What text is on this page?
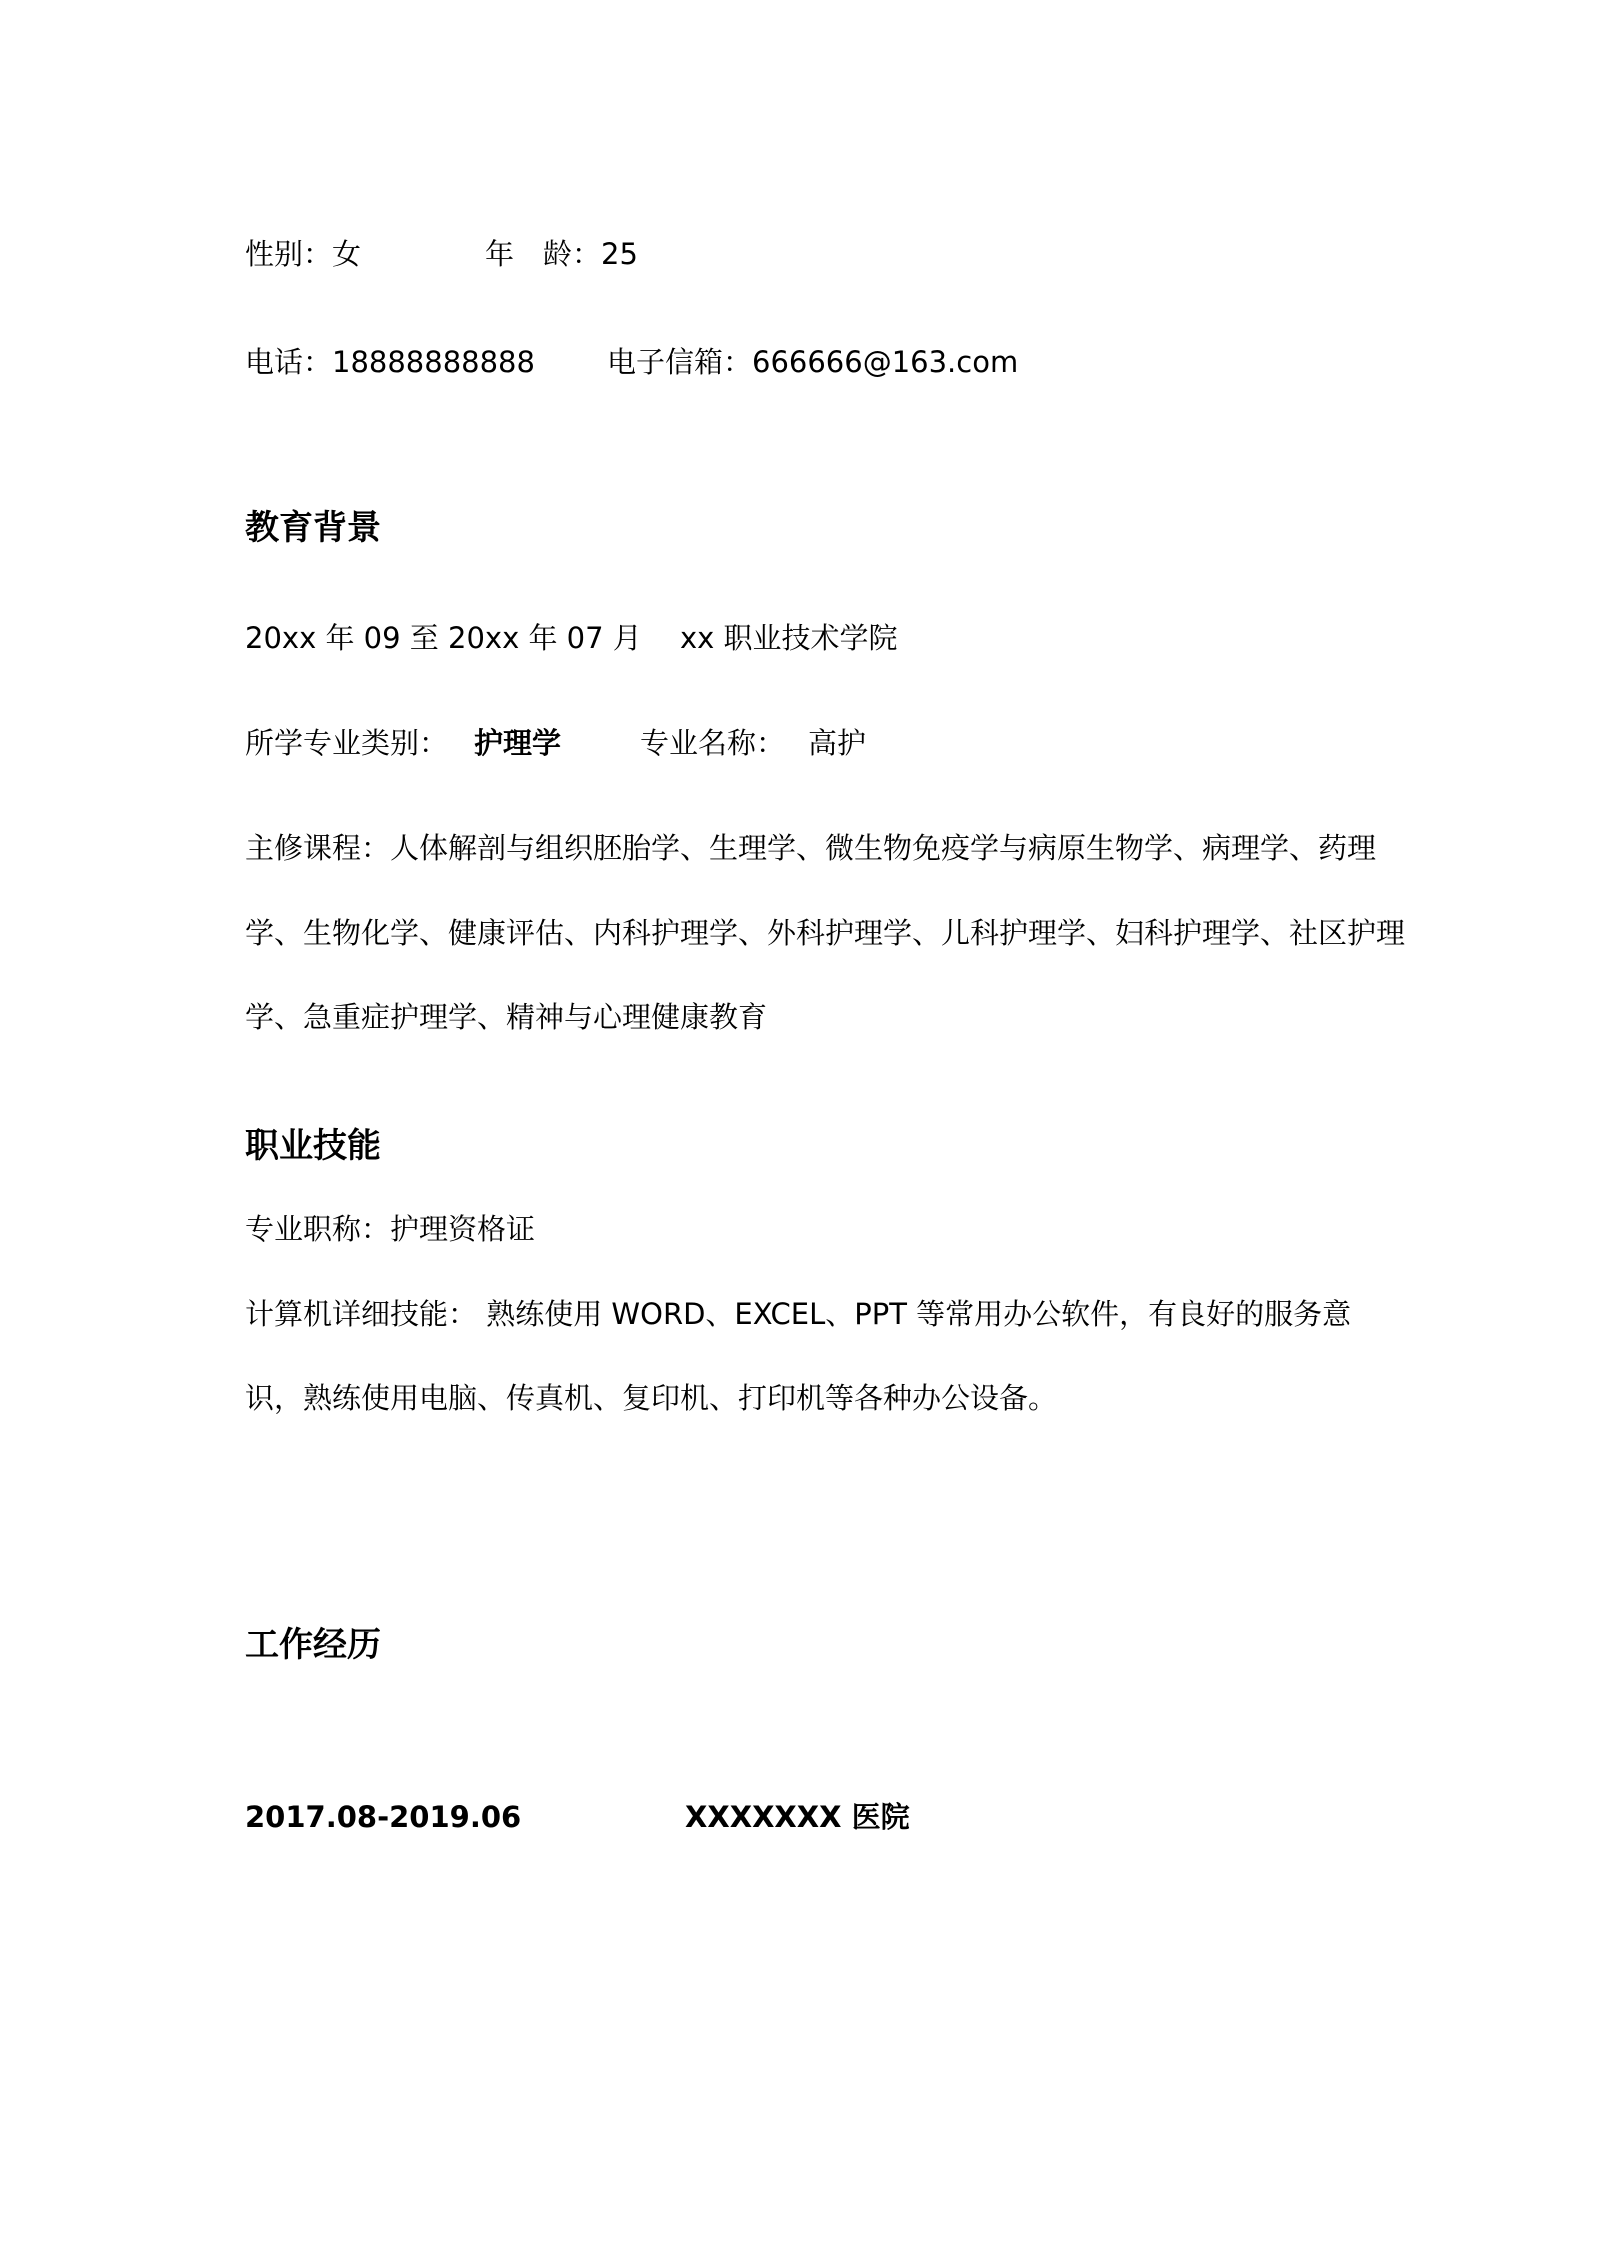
性别：女	年　龄：25
电话：18888888888 电子信箱：666666@163.com
教育背景
20xx 年 09 至 20xx 年 07 月　 xx 职业技术学院
所学专业类别： 护理学	专业名称： 高护
主修课程：人体解剖与组织胚胎学、生理学、微生物免疫学与病原生物学、病理学、药理
学、生物化学、健康评估、内科护理学、外科护理学、儿科护理学、妇科护理学、社区护理
学、急重症护理学、精神与心理健康教育
职业技能
专业职称：护理资格证
计算机详细技能： 熟练使用 WORD、EXCEL、PPT 等常用办公软件，有良好的服务意
识，熟练使用电脑、传真机、复印机、打印机等各种办公设备。
工作经历
2017.08-2019.06	XXXXXXX 医院
